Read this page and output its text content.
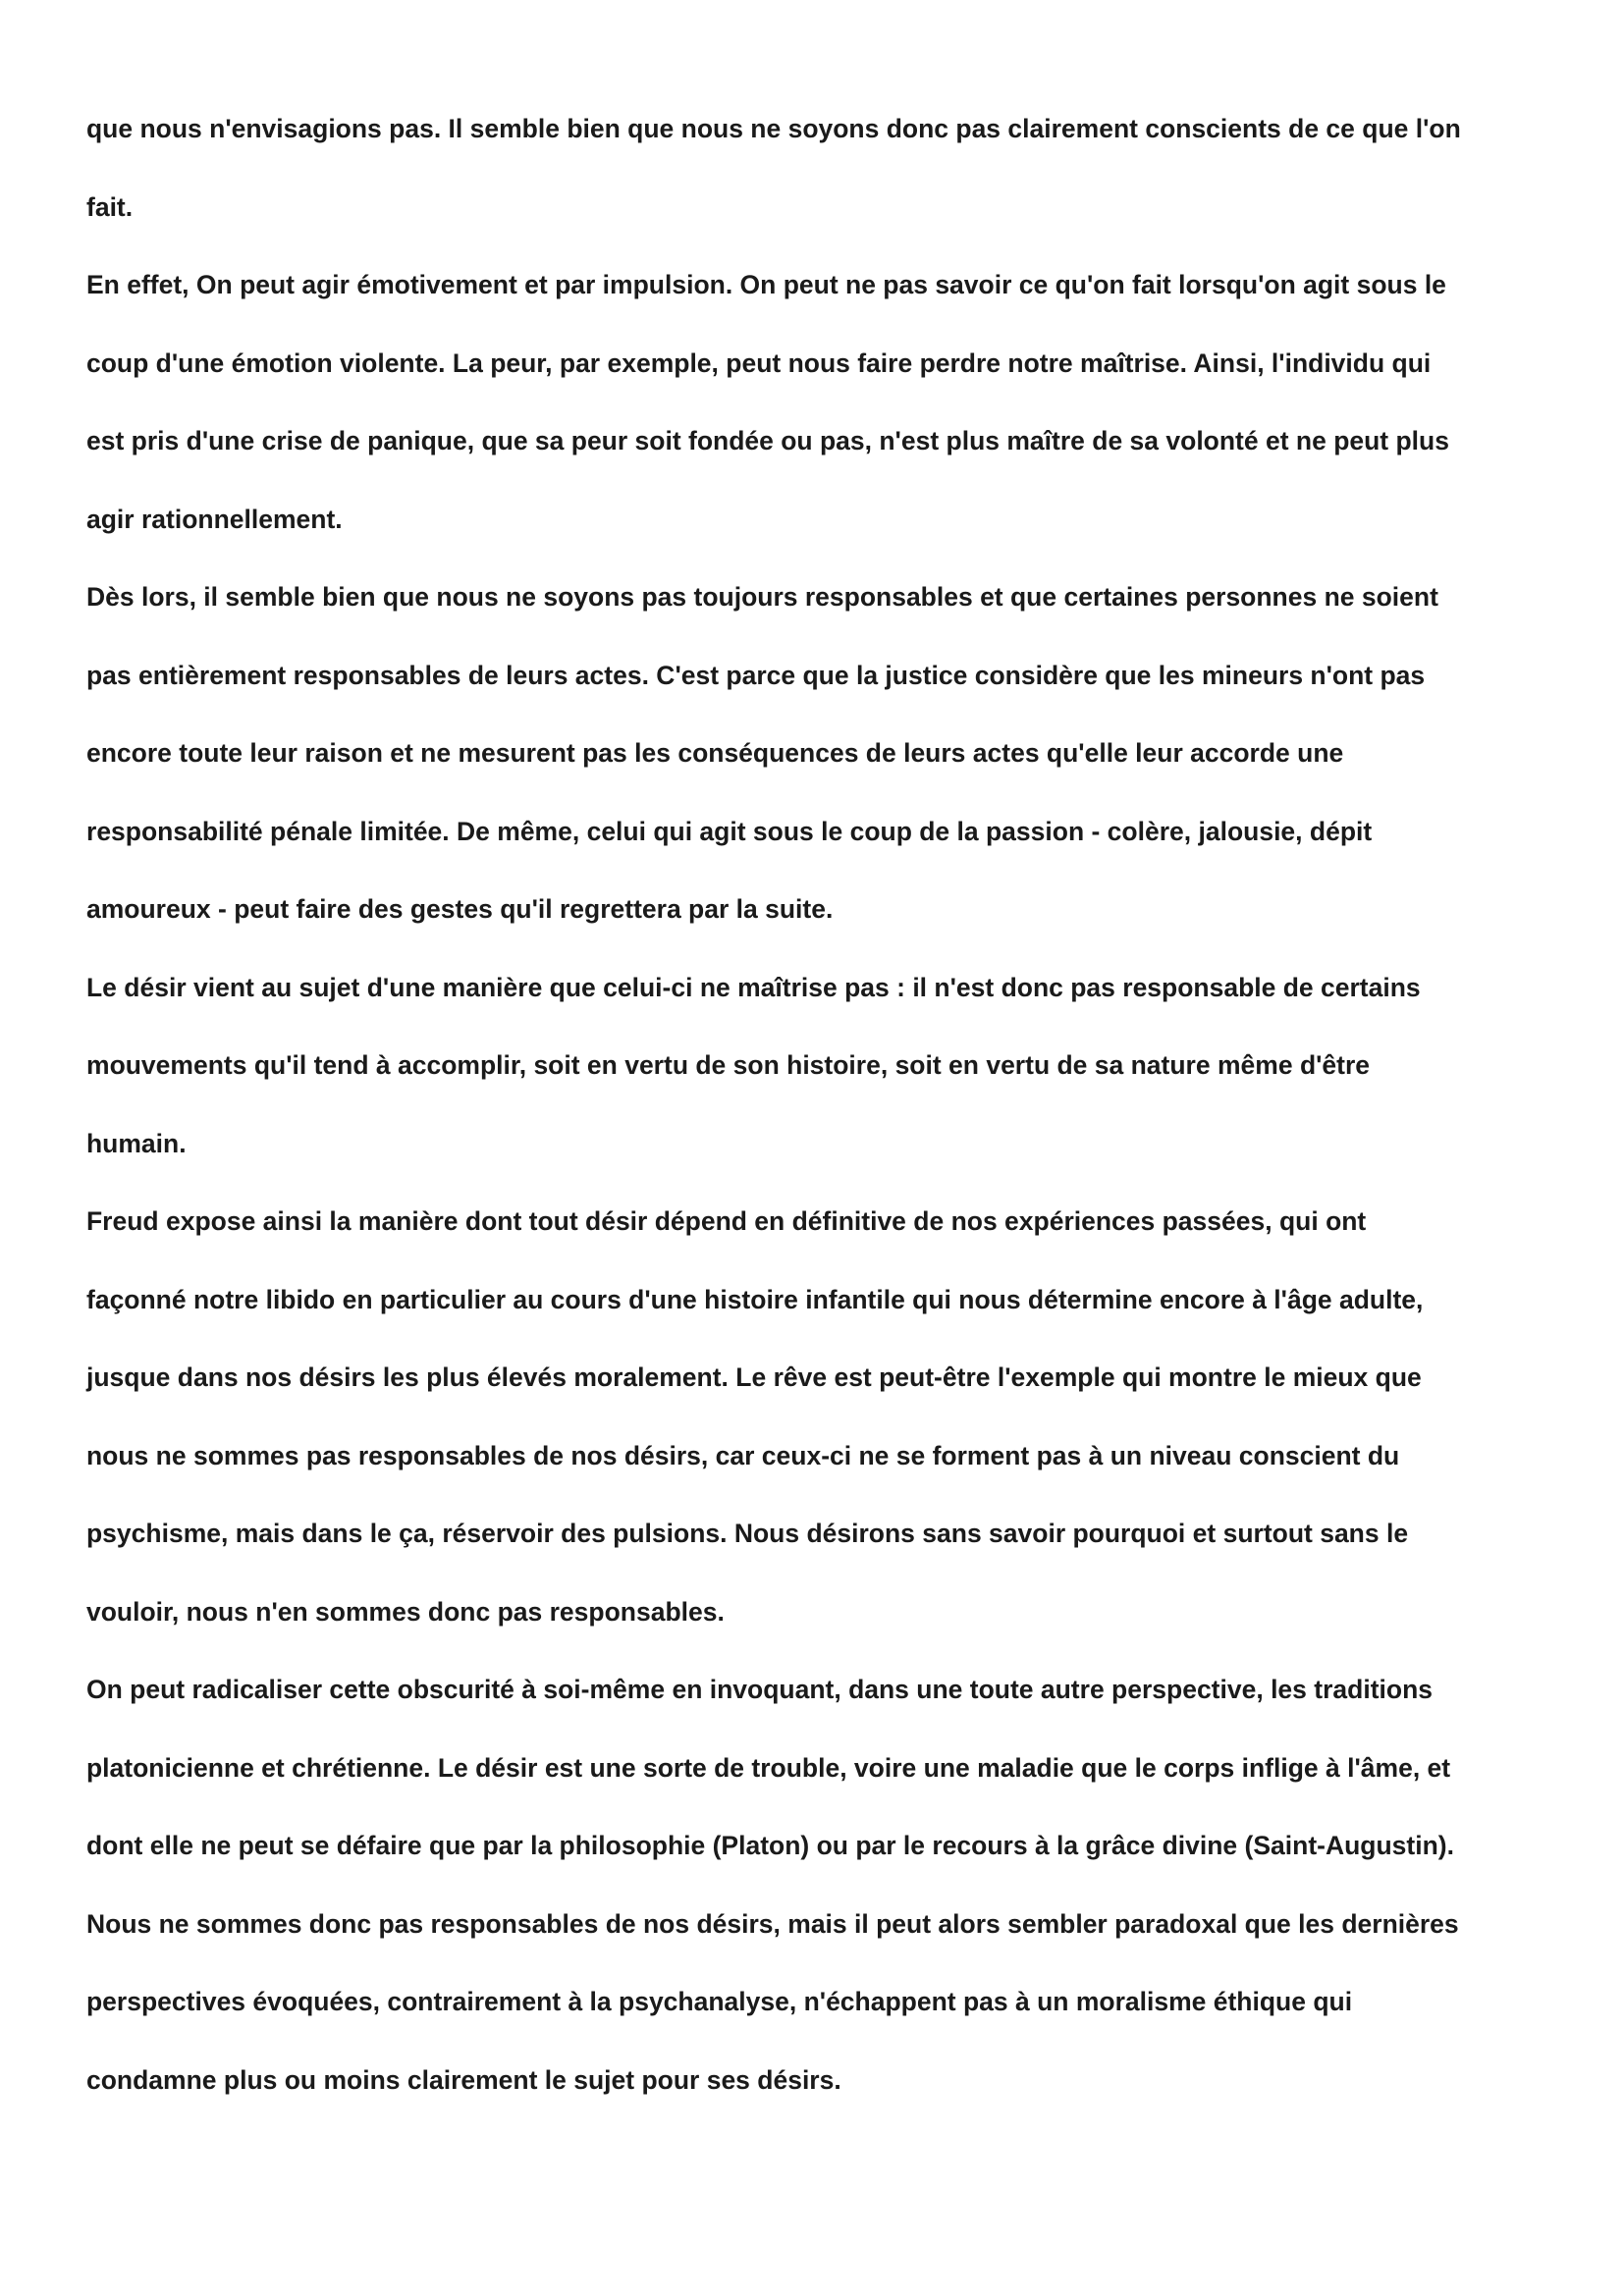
que nous n'envisagions pas. Il semble bien que nous ne soyons donc pas clairement conscients de ce que l'on
fait.
En effet, On peut agir émotivement et par impulsion. On peut ne pas savoir ce qu'on fait lorsqu'on agit sous le
coup d'une émotion violente. La peur, par exemple, peut nous faire perdre notre maîtrise. Ainsi, l'individu qui
est pris d'une crise de panique, que sa peur soit fondée ou pas, n'est plus maître de sa volonté et ne peut plus
agir rationnellement.
Dès lors, il semble bien que nous ne soyons pas toujours responsables et que certaines personnes ne soient
pas entièrement responsables de leurs actes. C'est parce que la justice considère que les mineurs n'ont pas
encore toute leur raison et ne mesurent pas les conséquences de leurs actes qu'elle leur accorde une
responsabilité pénale limitée. De même, celui qui agit sous le coup de la passion - colère, jalousie, dépit
amoureux - peut faire des gestes qu'il regrettera par la suite.
Le désir vient au sujet d'une manière que celui-ci ne maîtrise pas : il n'est donc pas responsable de certains
mouvements qu'il tend à accomplir, soit en vertu de son histoire, soit en vertu de sa nature même d'être
humain.
Freud expose ainsi la manière dont tout désir dépend en définitive de nos expériences passées, qui ont
façonné notre libido en particulier au cours d'une histoire infantile qui nous détermine encore à l'âge adulte,
jusque dans nos désirs les plus élevés moralement. Le rêve est peut-être l'exemple qui montre le mieux que
nous ne sommes pas responsables de nos désirs, car ceux-ci ne se forment pas à un niveau conscient du
psychisme, mais dans le ça, réservoir des pulsions. Nous désirons sans savoir pourquoi et surtout sans le
vouloir, nous n'en sommes donc pas responsables.
On peut radicaliser cette obscurité à soi-même en invoquant, dans une toute autre perspective, les traditions
platonicienne et chrétienne. Le désir est une sorte de trouble, voire une maladie que le corps inflige à l'âme, et
dont elle ne peut se défaire que par la philosophie (Platon) ou par le recours à la grâce divine (Saint-Augustin).
Nous ne sommes donc pas responsables de nos désirs, mais il peut alors sembler paradoxal que les dernières
perspectives évoquées, contrairement à la psychanalyse, n'échappent pas à un moralisme éthique qui
condamne plus ou moins clairement le sujet pour ses désirs.
